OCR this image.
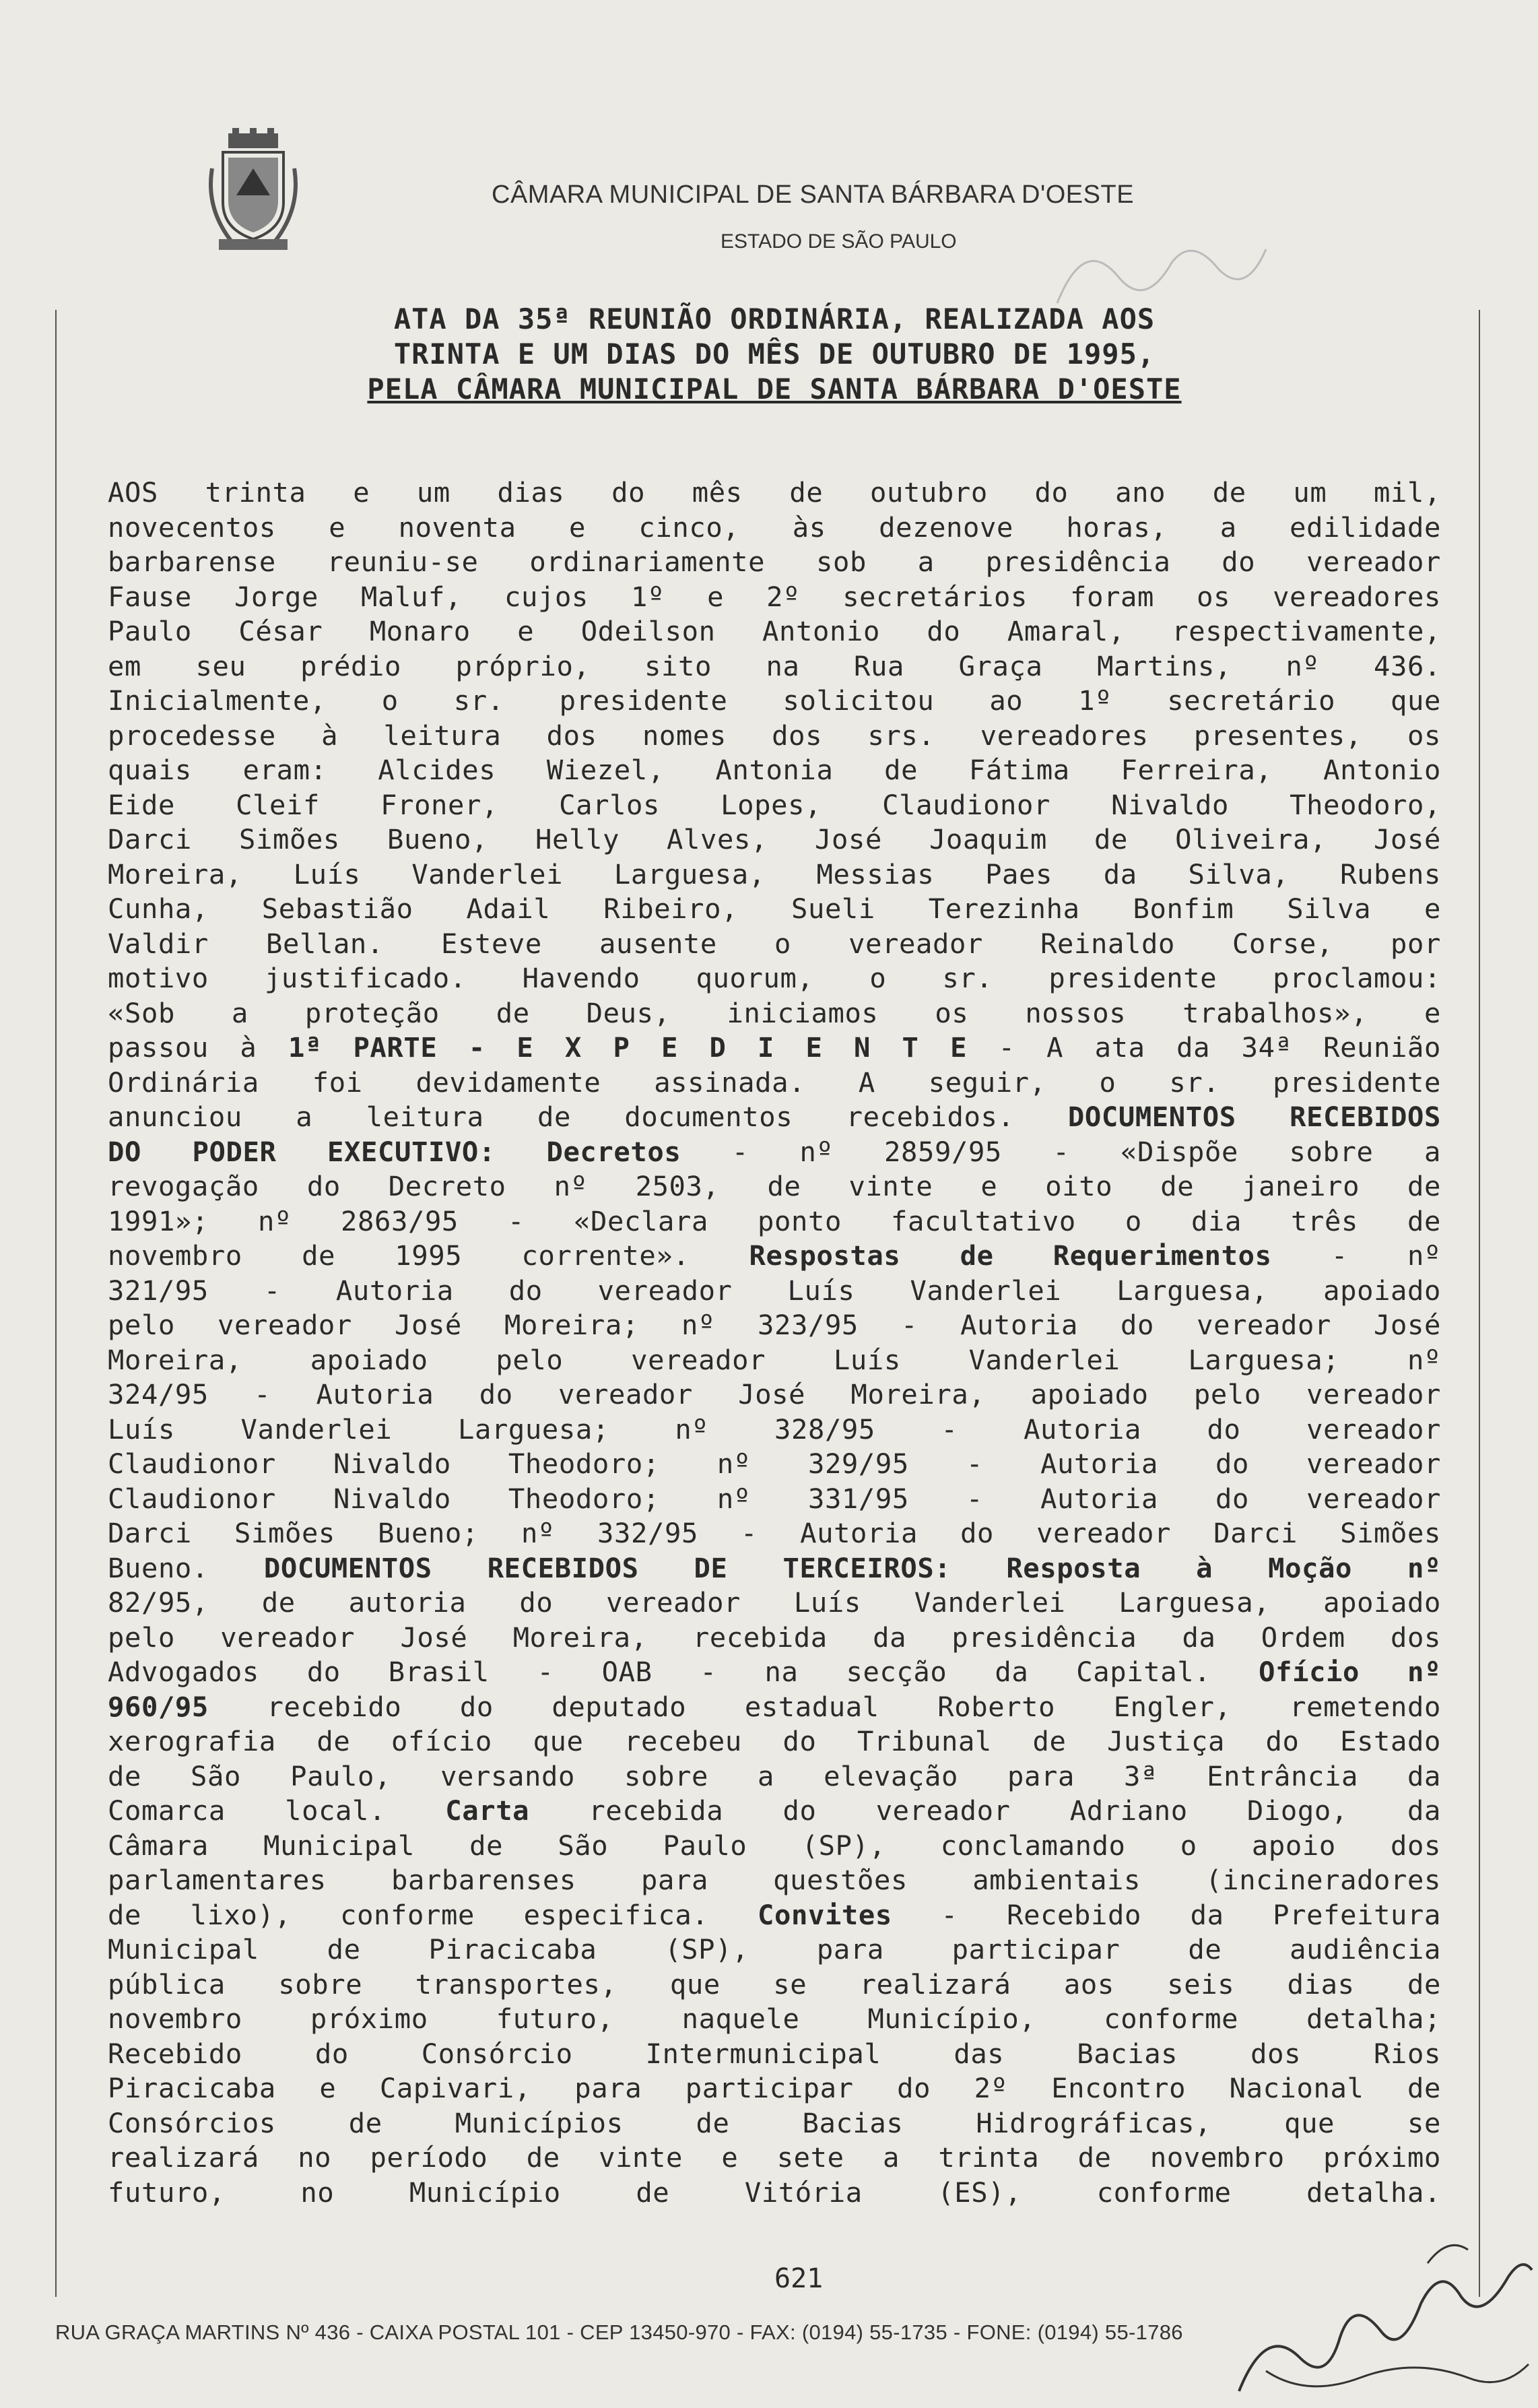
CÂMARA MUNICIPAL DE SANTA BÁRBARA D'OESTE
ESTADO DE SÃO PAULO
ATA DA 35ª REUNIÃO ORDINÁRIA, REALIZADA AOS
TRINTA E UM DIAS DO MÊS DE OUTUBRO DE 1995,
PELA CÂMARA MUNICIPAL DE SANTA BÁRBARA D'OESTE
AOS trinta e um dias do mês de outubro do ano de um mil,
novecentos e noventa e cinco, às dezenove horas, a edilidade
barbarense reuniu-se ordinariamente sob a presidência do vereador
Fause Jorge Maluf, cujos 1º e 2º secretários foram os vereadores
Paulo César Monaro e Odeilson Antonio do Amaral, respectivamente,
em seu prédio próprio, sito na Rua Graça Martins, nº 436.
Inicialmente, o sr. presidente solicitou ao 1º secretário que
procedesse à leitura dos nomes dos srs. vereadores presentes, os
quais eram: Alcides Wiezel, Antonia de Fátima Ferreira, Antonio
Eide Cleif Froner, Carlos Lopes, Claudionor Nivaldo Theodoro,
Darci Simões Bueno, Helly Alves, José Joaquim de Oliveira, José
Moreira, Luís Vanderlei Larguesa, Messias Paes da Silva, Rubens
Cunha, Sebastião Adail Ribeiro, Sueli Terezinha Bonfim Silva e
Valdir Bellan. Esteve ausente o vereador Reinaldo Corse, por
motivo justificado. Havendo quorum, o sr. presidente proclamou:
«Sob a proteção de Deus, iniciamos os nossos trabalhos», e
passou à 1ª PARTE - E X P E D I E N T E - A ata da 34ª Reunião
Ordinária foi devidamente assinada. A seguir, o sr. presidente
anunciou a leitura de documentos recebidos. DOCUMENTOS RECEBIDOS
DO PODER EXECUTIVO: Decretos - nº 2859/95 - «Dispõe sobre a
revogação do Decreto nº 2503, de vinte e oito de janeiro de
1991»; nº 2863/95 - «Declara ponto facultativo o dia três de
novembro de 1995 corrente». Respostas de Requerimentos - nº
321/95 - Autoria do vereador Luís Vanderlei Larguesa, apoiado
pelo vereador José Moreira; nº 323/95 - Autoria do vereador José
Moreira, apoiado pelo vereador Luís Vanderlei Larguesa; nº
324/95 - Autoria do vereador José Moreira, apoiado pelo vereador
Luís Vanderlei Larguesa; nº 328/95 - Autoria do vereador
Claudionor Nivaldo Theodoro; nº 329/95 - Autoria do vereador
Claudionor Nivaldo Theodoro; nº 331/95 - Autoria do vereador
Darci Simões Bueno; nº 332/95 - Autoria do vereador Darci Simões
Bueno. DOCUMENTOS RECEBIDOS DE TERCEIROS: Resposta à Moção nº
82/95, de autoria do vereador Luís Vanderlei Larguesa, apoiado
pelo vereador José Moreira, recebida da presidência da Ordem dos
Advogados do Brasil - OAB - na secção da Capital. Ofício nº
960/95 recebido do deputado estadual Roberto Engler, remetendo
xerografia de ofício que recebeu do Tribunal de Justiça do Estado
de São Paulo, versando sobre a elevação para 3ª Entrância da
Comarca local. Carta recebida do vereador Adriano Diogo, da
Câmara Municipal de São Paulo (SP), conclamando o apoio dos
parlamentares barbarenses para questões ambientais (incineradores
de lixo), conforme especifica. Convites - Recebido da Prefeitura
Municipal de Piracicaba (SP), para participar de audiência
pública sobre transportes, que se realizará aos seis dias de
novembro próximo futuro, naquele Município, conforme detalha;
Recebido do Consórcio Intermunicipal das Bacias dos Rios
Piracicaba e Capivari, para participar do 2º Encontro Nacional de
Consórcios de Municípios de Bacias Hidrográficas, que se
realizará no período de vinte e sete a trinta de novembro próximo
futuro, no Município de Vitória (ES), conforme detalha.
621
RUA GRAÇA MARTINS Nº 436 - CAIXA POSTAL 101 - CEP 13450-970 - FAX: (0194) 55-1735 - FONE: (0194) 55-1786
